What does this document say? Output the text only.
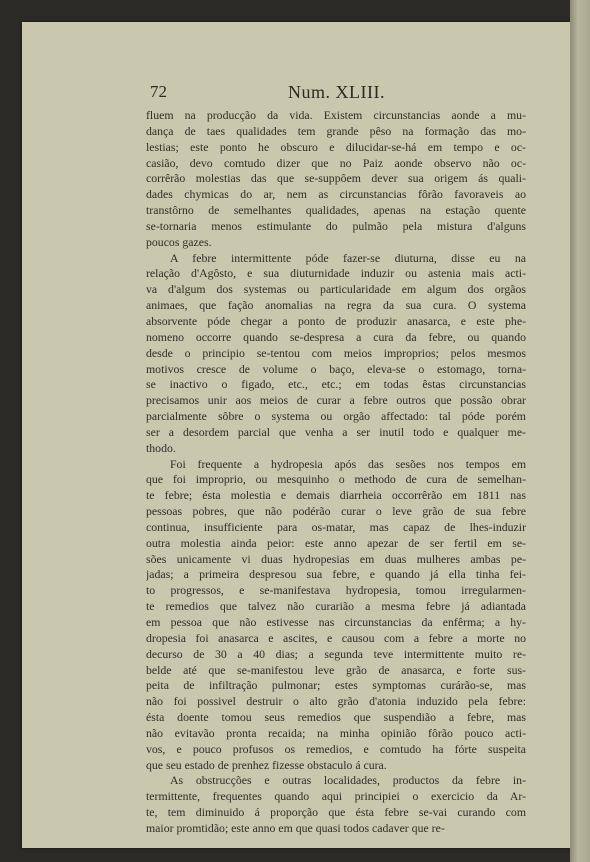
72	Num. XLIII.
fluem na producção da vida. Existem circunstancias aonde a mu-
dança de taes qualidades tem grande pêso na formação das mo-
lestias; este ponto he obscuro e dilucidar-se-há em tempo e oc-
casião, devo comtudo dizer que no Paiz aonde observo não oc-
corrêrão molestias das que se-suppôem dever sua origem ás quali-
dades chymicas do ar, nem as circunstancias fôrão favoraveis ao
transtôrno de semelhantes qualidades, apenas na estação quente
se-tornaria menos estimulante do pulmão pela mistura d'alguns
poucos gazes.
A febre intermittente póde fazer-se diuturna, disse eu na
relação d'Agôsto, e sua diuturnidade induzir ou astenia mais acti-
va d'algum dos systemas ou particularidade em algum dos orgãos
animaes, que fação anomalias na regra da sua cura. O systema
absorvente póde chegar a ponto de produzir anasarca, e este phe-
nomeno occorre quando se-despresa a cura da febre, ou quando
desde o principio se-tentou com meios improprios; pelos mesmos
motivos cresce de volume o baço, eleva-se o estomago, torna-
se inactivo o figado, etc., etc.; em todas êstas circunstancias
precisamos unir aos meios de curar a febre outros que possão obrar
parcialmente sôbre o systema ou orgão affectado: tal póde porém
ser a desordem parcial que venha a ser inutil todo e qualquer me-
thodo.
Foi frequente a hydropesia após das sesões nos tempos em
que foi improprio, ou mesquinho o methodo de cura de semelhan-
te febre; ésta molestia e demais diarrheia occorrêrão em 1811 nas
pessoas pobres, que não podérão curar o leve grão de sua febre
continua, insufficiente para os-matar, mas capaz de lhes-induzir
outra molestia ainda peior: este anno apezar de ser fertil em se-
sões unicamente vi duas hydropesias em duas mulheres ambas pe-
jadas; a primeira despresou sua febre, e quando já ella tinha fei-
to progressos, e se-manifestava hydropesia, tomou irregularmen-
te remedios que talvez não curarião a mesma febre já adiantada
em pessoa que não estivesse nas circunstancias da enfêrma; a hy-
dropesia foi anasarca e ascites, e causou com a febre a morte no
decurso de 30 a 40 dias; a segunda teve intermittente muito re-
belde até que se-manifestou leve grão de anasarca, e forte sus-
peita de infiltração pulmonar; estes symptomas curárão-se, mas
não foi possivel destruir o alto grão d'atonia induzido pela febre:
ésta doente tomou seus remedios que suspendião a febre, mas
não evitavão pronta recaida; na minha opinião fôrão pouco acti-
vos, e pouco profusos os remedios, e comtudo ha fórte suspeita
que seu estado de prenhez fizesse obstaculo á cura.
As obstrucções e outras localidades, productos da febre in-
termittente, frequentes quando aqui principiei o exercicio da Ar-
te, tem diminuido á proporção que ésta febre se-vai curando com
maior promtidão; este anno em que quasi todos cadaver que re-
